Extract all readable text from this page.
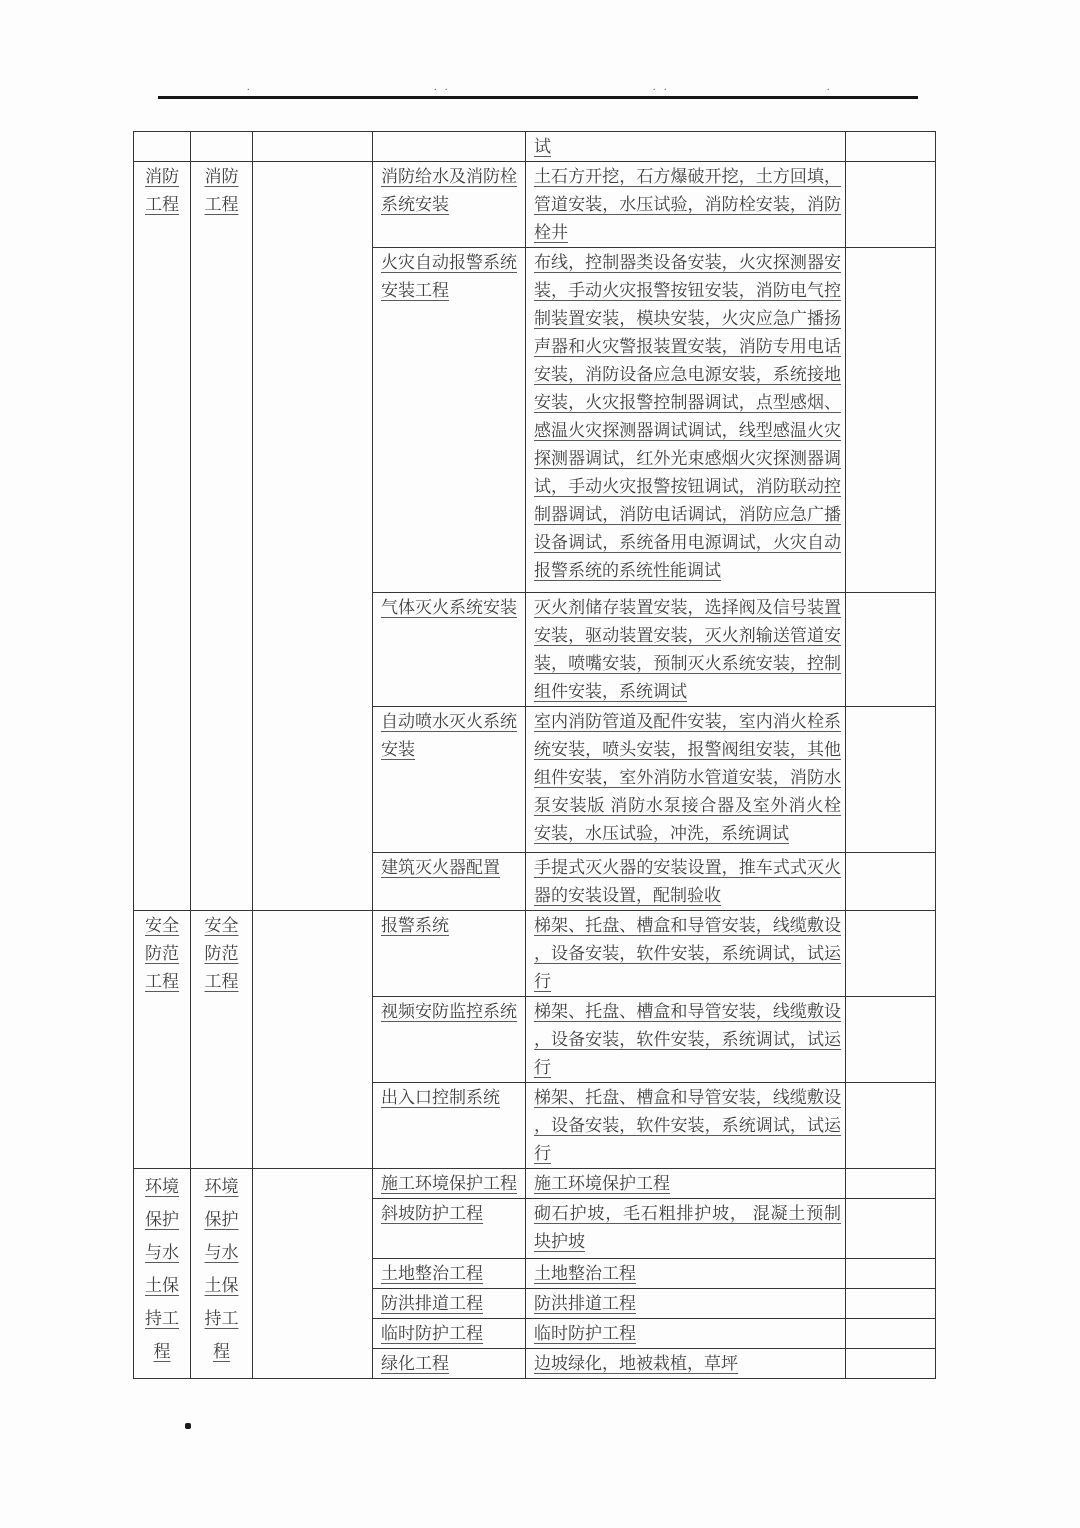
.	. .	. .	.
				试	
消防工程	消防工程		消防给水及消防栓系统安装	土石方开挖，石方爆破开挖，土方回填，管道安装，水压试验，消防栓安装，消防栓井	
			火灾自动报警系统安装工程	布线，控制器类设备安装，火灾探测器安装，手动火灾报警按钮安装，消防电气控制装置安装，模块安装，火灾应急广播扬声器和火灾警报装置安装，消防专用电话安装，消防设备应急电源安装，系统接地安装，火灾报警控制器调试，点型感烟、感温火灾探测器调试调试，线型感温火灾探测器调试，红外光束感烟火灾探测器调试，手动火灾报警按钮调试，消防联动控制器调试，消防电话调试，消防应急广播设备调试，系统备用电源调试，火灾自动报警系统的系统性能调试	
			气体灭火系统安装	灭火剂储存装置安装，选择阀及信号装置安装，驱动装置安装，灭火剂输送管道安装，喷嘴安装，预制灭火系统安装，控制组件安装，系统调试	
			自动喷水灭火系统安装	室内消防管道及配件安装，室内消火栓系统安装，喷头安装，报警阀组安装，其他组件安装，室外消防水管道安装，消防水泵安装版 消防水泵接合器及室外消火栓安装，水压试验，冲洗，系统调试	
			建筑灭火器配置	手提式灭火器的安装设置，推车式式灭火器的安装设置，配制验收	
安全防范工程	安全防范工程		报警系统	梯架、托盘、槽盒和导管安装，线缆敷设，设备安装，软件安装，系统调试，试运行	
			视频安防监控系统	梯架、托盘、槽盒和导管安装，线缆敷设，设备安装，软件安装，系统调试，试运行	
			出入口控制系统	梯架、托盘、槽盒和导管安装，线缆敷设，设备安装，软件安装，系统调试，试运行	
环境保护与水土保持工程	环境保护与水土保持工程		施工环境保护工程	施工环境保护工程	
			斜坡防护工程	砌石护坡，毛石粗排护坡， 混凝土预制块护坡	
			土地整治工程	土地整治工程	
			防洪排道工程	防洪排道工程	
			临时防护工程	临时防护工程	
			绿化工程	边坡绿化，地被栽植，草坪	
